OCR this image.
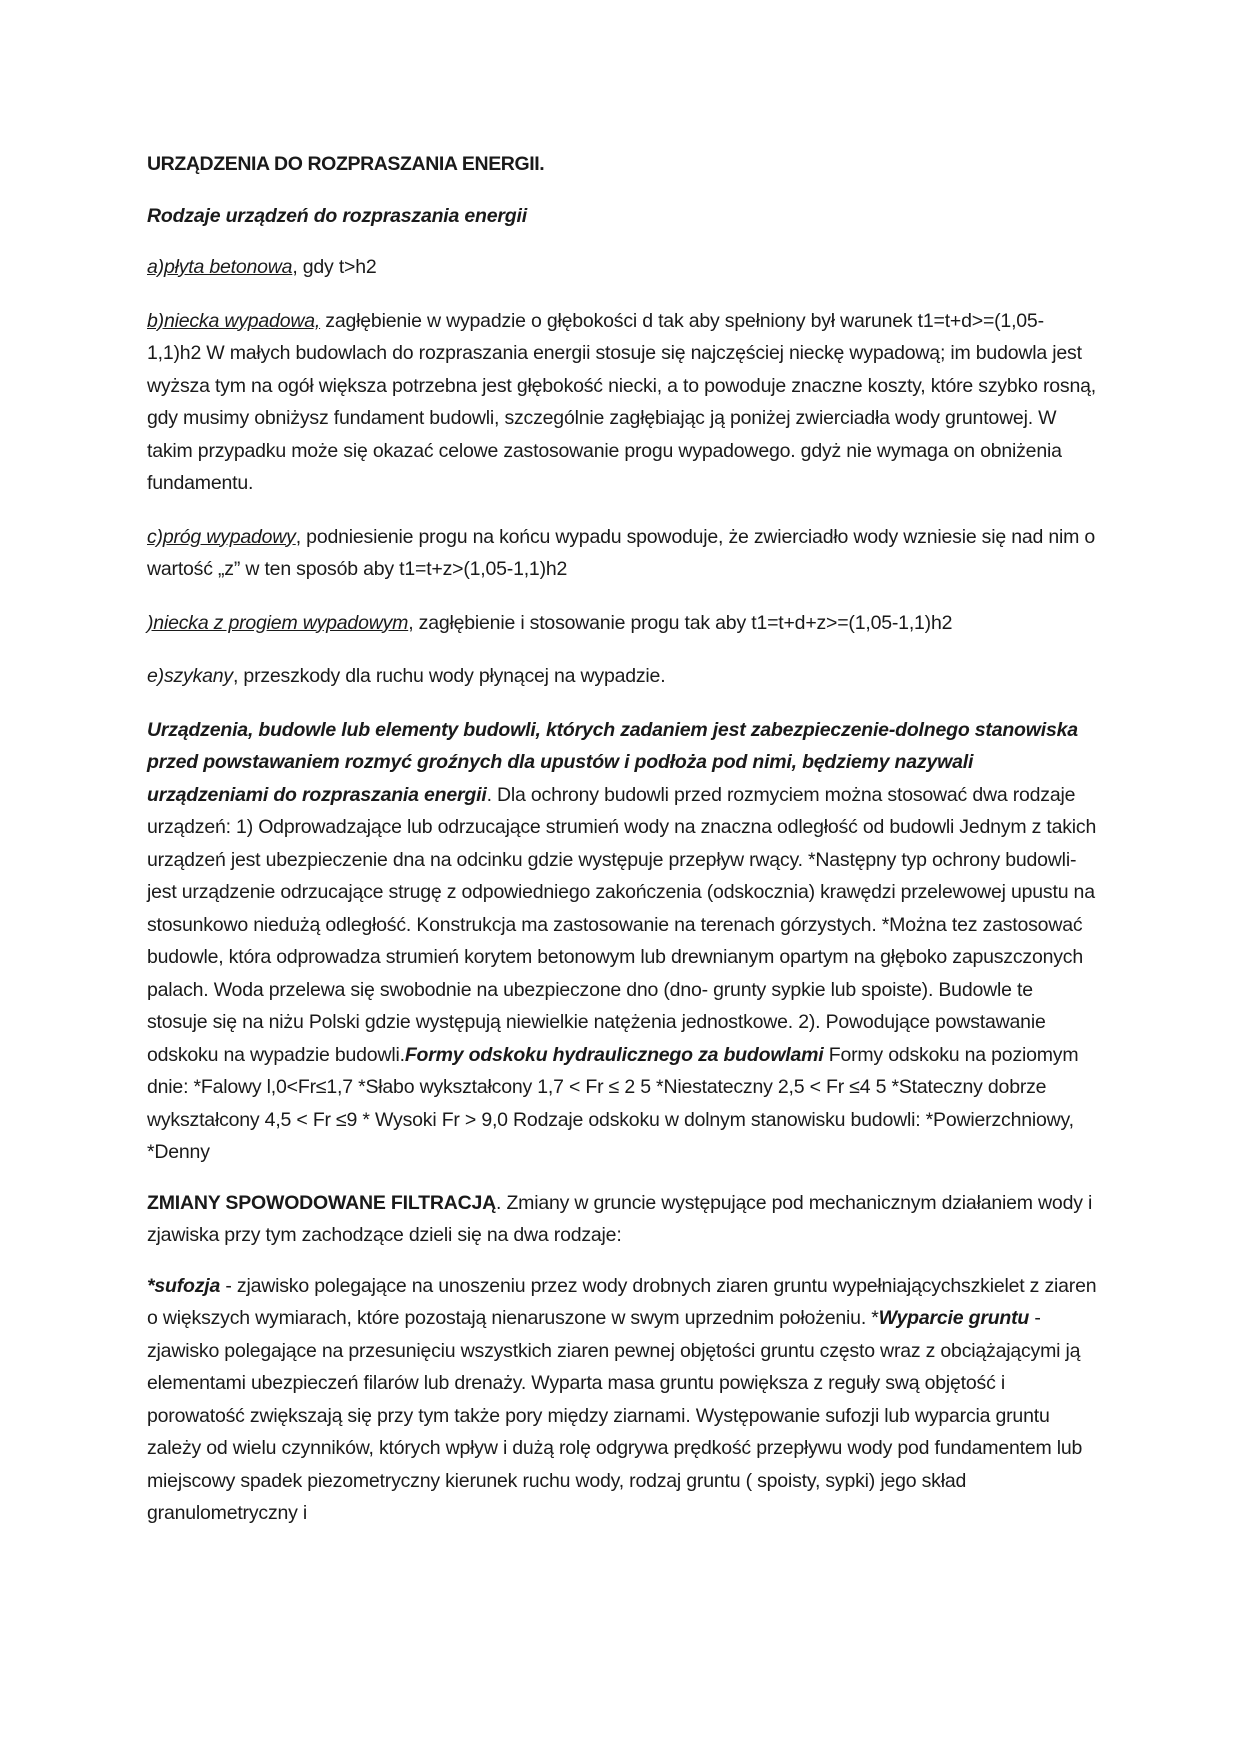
URZĄDZENIA DO ROZPRASZANIA ENERGII.

Rodzaje urządzeń do rozpraszania energii

a)płyta betonowa, gdy t>h2

b)niecka wypadowa, zagłębienie w wypadzie o głębokości d tak aby spełniony był warunek t1=t+d>=(1,05-1,1)h2 W małych budowlach do rozpraszania energii stosuje się najczęściej nieckę wypadową; im budowla jest wyższa tym na ogół większa potrzebna jest głębokość niecki, a to powoduje znaczne koszty, które szybko rosną, gdy musimy obniżysz fundament budowli, szczególnie zagłębiając ją poniżej zwierciadła wody gruntowej. W takim przypadku może się okazać celowe zastosowanie progu wypadowego. gdyż nie wymaga on obniżenia fundamentu.

c)próg wypadowy, podniesienie progu na końcu wypadu spowoduje, że zwierciadło wody wzniesie się nad nim o wartość „z” w ten sposób aby t1=t+z>(1,05-1,1)h2

)niecka z progiem wypadowym, zagłębienie i stosowanie progu tak aby t1=t+d+z>=(1,05-1,1)h2

e)szykany, przeszkody dla ruchu wody płynącej na wypadzie.

Urządzenia, budowle lub elementy budowli, których zadaniem jest zabezpieczenie-dolnego stanowiska przed powstawaniem rozmyć groźnych dla upustów i podłoża pod nimi, będziemy nazywali urządzeniami do rozpraszania energii. Dla ochrony budowli przed rozmyciem można stosować dwa rodzaje urządzeń: 1) Odprowadzające lub odrzucające strumień wody na znaczna odległość od budowli Jednym z takich urządzeń jest ubezpieczenie dna na odcinku gdzie występuje przepływ rwący. *Następny typ ochrony budowli- jest urządzenie odrzucające strugę z odpowiedniego zakończenia (odskocznia) krawędzi przelewowej upustu na stosunkowo niedużą odległość. Konstrukcja ma zastosowanie na terenach górzystych. *Można tez zastosować budowle, która odprowadza strumień korytem betonowym lub drewnianym opartym na głęboko zapuszczonych palach. Woda przelewa się swobodnie na ubezpieczone dno (dno- grunty sypkie lub spoiste). Budowle te stosuje się na niżu Polski gdzie występują niewielkie natężenia jednostkowe. 2). Powodujące powstawanie odskoku na wypadzie budowli.Formy odskoku hydraulicznego za budowlami Formy odskoku na poziomym dnie: *Falowy l,0<Fr≤1,7 *Słabo wykształcony 1,7 < Fr ≤ 2 5 *Niestateczny 2,5 < Fr ≤4 5 *Stateczny dobrze wykształcony 4,5 < Fr ≤9 * Wysoki Fr > 9,0 Rodzaje odskoku w dolnym stanowisku budowli: *Powierzchniowy, *Denny

ZMIANY SPOWODOWANE FILTRACJĄ. Zmiany w gruncie występujące pod mechanicznym działaniem wody i zjawiska przy tym zachodzące dzieli się na dwa rodzaje:

*sufozja - zjawisko polegające na unoszeniu przez wody drobnych ziaren gruntu wypełniającychszkielet z ziaren o większych wymiarach, które pozostają nienaruszone w swym uprzednim położeniu. *Wyparcie gruntu - zjawisko polegające na przesunięciu wszystkich ziaren pewnej objętości gruntu często wraz z obciążającymi ją elementami ubezpieczeń filarów lub drenaży. Wyparta masa gruntu powiększa z reguły swą objętość i porowatość zwiększają się przy tym także pory między ziarnami. Występowanie sufozji lub wyparcia gruntu zależy od wielu czynników, których wpływ i dużą rolę odgrywa prędkość przepływu wody pod fundamentem lub miejscowy spadek piezometryczny kierunek ruchu wody, rodzaj gruntu ( spoisty, sypki) jego skład granulometryczny i
